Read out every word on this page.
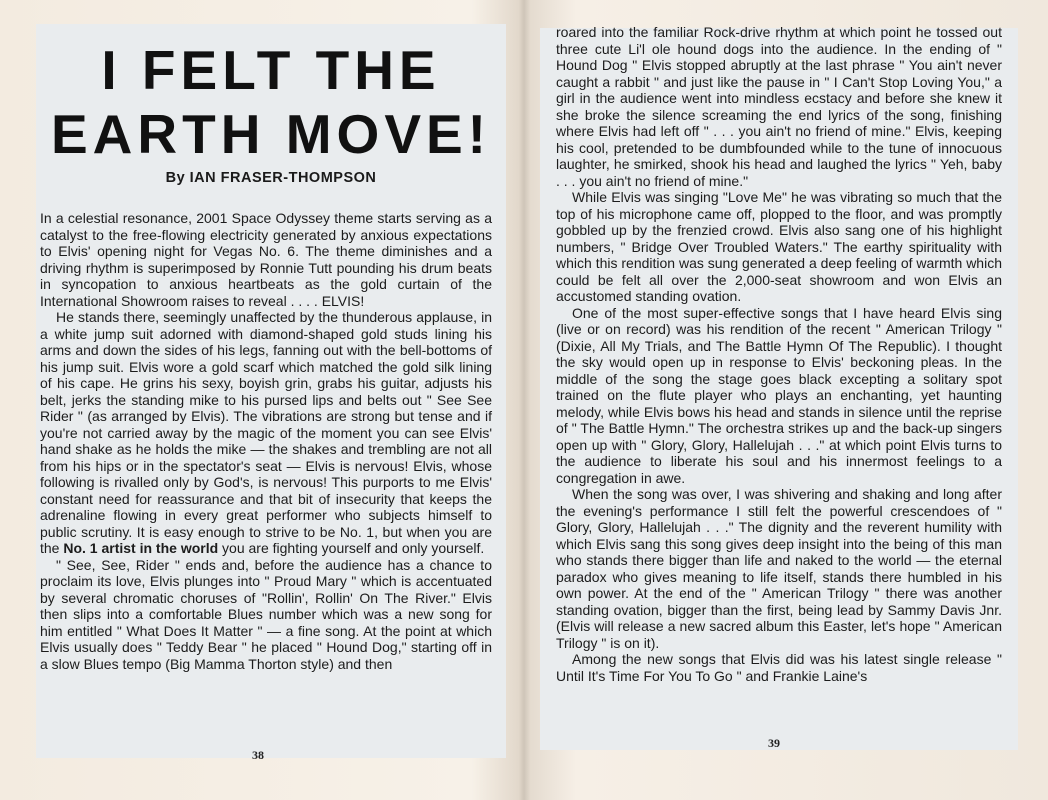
I FELT THE
EARTH MOVE!
By IAN FRASER-THOMPSON

In a celestial resonance, 2001 Space Odyssey theme starts serving as a catalyst to the free-flowing electricity generated by anxious expectations to Elvis' opening night for Vegas No. 6. The theme diminishes and a driving rhythm is superimposed by Ronnie Tutt pounding his drum beats in syncopation to anxious heartbeats as the gold curtain of the International Showroom raises to reveal . . . . ELVIS!

He stands there, seemingly unaffected by the thunderous applause, in a white jump suit adorned with diamond-shaped gold studs lining his arms and down the sides of his legs, fanning out with the bell-bottoms of his jump suit. Elvis wore a gold scarf which matched the gold silk lining of his cape. He grins his sexy, boyish grin, grabs his guitar, adjusts his belt, jerks the standing mike to his pursed lips and belts out " See See Rider " (as arranged by Elvis). The vibrations are strong but tense and if you're not carried away by the magic of the moment you can see Elvis' hand shake as he holds the mike — the shakes and trembling are not all from his hips or in the spectator's seat — Elvis is nervous! Elvis, whose following is rivalled only by God's, is nervous! This purports to me Elvis' constant need for reassurance and that bit of insecurity that keeps the adrenaline flowing in every great performer who subjects himself to public scrutiny. It is easy enough to strive to be No. 1, but when you are the No. 1 artist in the world you are fighting yourself and only yourself.

" See, See, Rider " ends and, before the audience has a chance to proclaim its love, Elvis plunges into " Proud Mary " which is accentuated by several chromatic choruses of "Rollin', Rollin' On The River." Elvis then slips into a comfortable Blues number which was a new song for him entitled " What Does It Matter " — a fine song. At the point at which Elvis usually does " Teddy Bear " he placed " Hound Dog," starting off in a slow Blues tempo (Big Mamma Thorton style) and then

roared into the familiar Rock-drive rhythm at which point he tossed out three cute Li'l ole hound dogs into the audience. In the ending of " Hound Dog " Elvis stopped abruptly at the last phrase " You ain't never caught a rabbit " and just like the pause in " I Can't Stop Loving You," a girl in the audience went into mindless ecstacy and before she knew it she broke the silence screaming the end lyrics of the song, finishing where Elvis had left off " . . . you ain't no friend of mine." Elvis, keeping his cool, pretended to be dumbfounded while to the tune of innocuous laughter, he smirked, shook his head and laughed the lyrics " Yeh, baby . . . you ain't no friend of mine."

While Elvis was singing "Love Me" he was vibrating so much that the top of his microphone came off, plopped to the floor, and was promptly gobbled up by the frenzied crowd. Elvis also sang one of his highlight numbers, " Bridge Over Troubled Waters." The earthy spirituality with which this rendition was sung generated a deep feeling of warmth which could be felt all over the 2,000-seat showroom and won Elvis an accustomed standing ovation.

One of the most super-effective songs that I have heard Elvis sing (live or on record) was his rendition of the recent " American Trilogy " (Dixie, All My Trials, and The Battle Hymn Of The Republic). I thought the sky would open up in response to Elvis' beckoning pleas. In the middle of the song the stage goes black excepting a solitary spot trained on the flute player who plays an enchanting, yet haunting melody, while Elvis bows his head and stands in silence until the reprise of " The Battle Hymn." The orchestra strikes up and the back-up singers open up with " Glory, Glory, Hallelujah . . ." at which point Elvis turns to the audience to liberate his soul and his innermost feelings to a congregation in awe.

When the song was over, I was shivering and shaking and long after the evening's performance I still felt the powerful crescendoes of " Glory, Glory, Hallelujah . . ." The dignity and the reverent humility with which Elvis sang this song gives deep insight into the being of this man who stands there bigger than life and naked to the world — the eternal paradox who gives meaning to life itself, stands there humbled in his own power. At the end of the " American Trilogy " there was another standing ovation, bigger than the first, being lead by Sammy Davis Jnr. (Elvis will release a new sacred album this Easter, let's hope " American Trilogy " is on it).

Among the new songs that Elvis did was his latest single release " Until It's Time For You To Go " and Frankie Laine's

38
39
